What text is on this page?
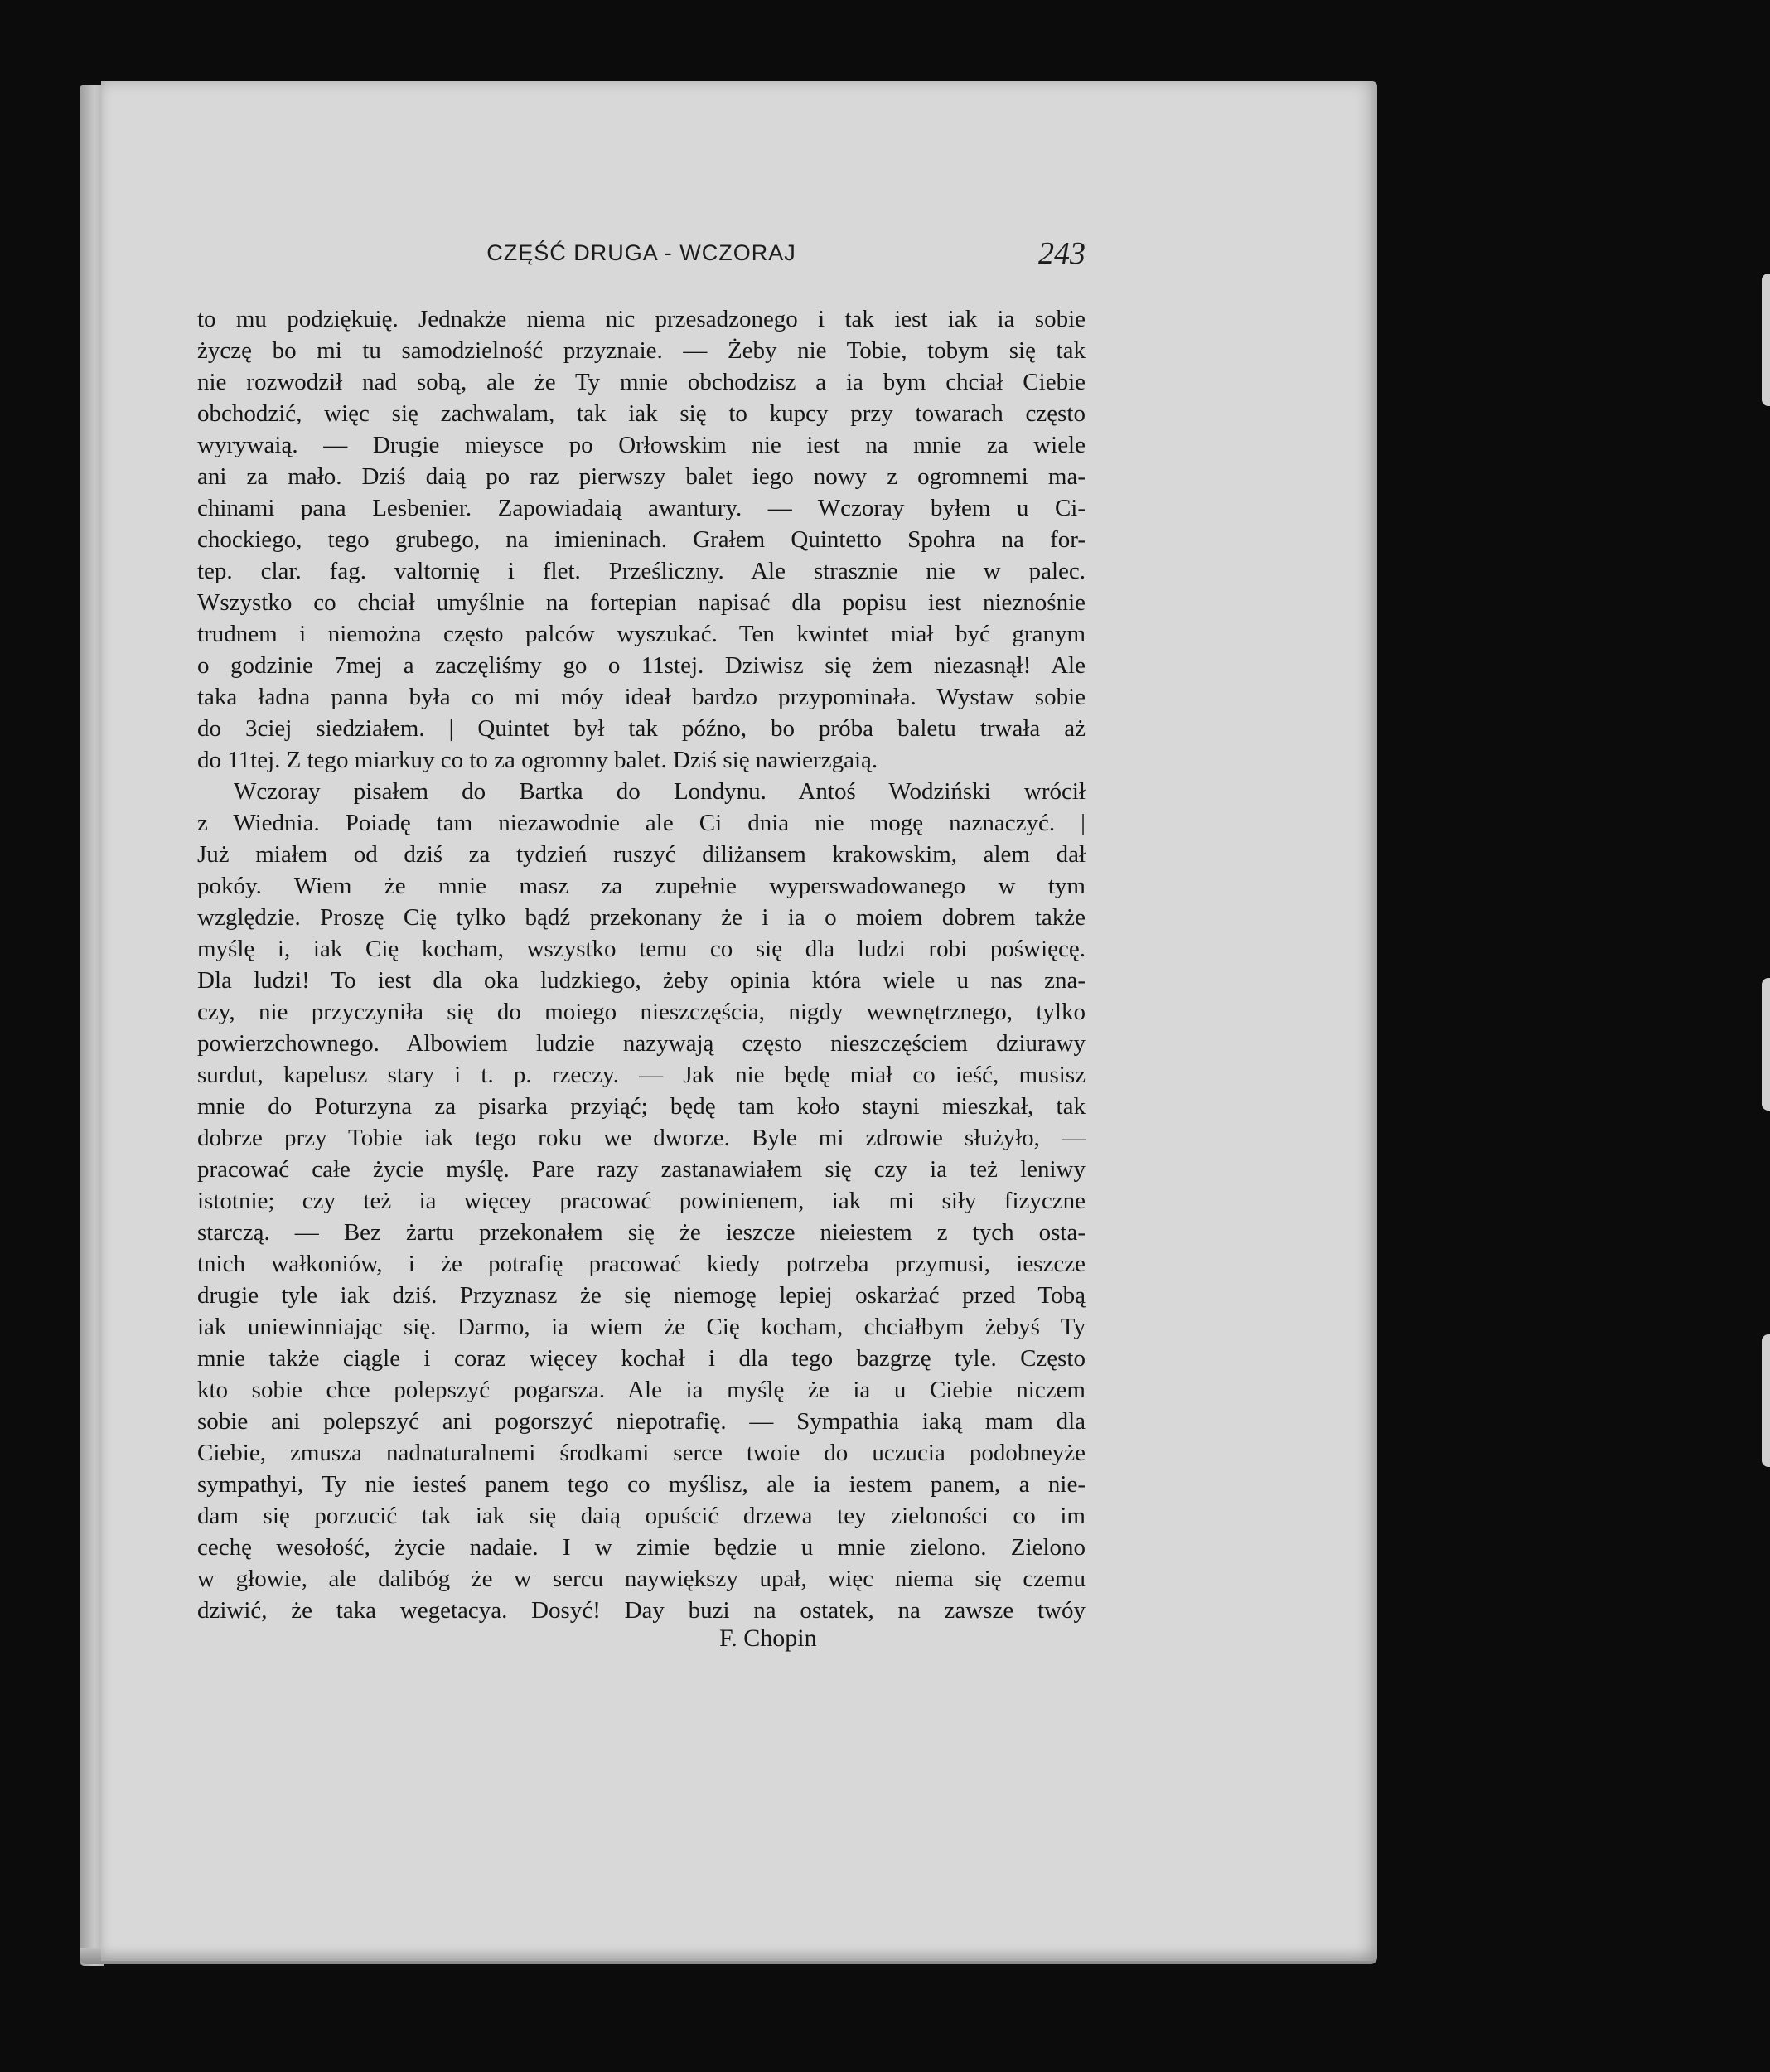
CZĘŚĆ DRUGA - WCZORAJ	243
to mu podziękuię. Jednakże niema nic przesadzonego i tak iest iak ia sobie
życzę bo mi tu samodzielność przyznaie. — Żeby nie Tobie, tobym się tak
nie rozwodził nad sobą, ale że Ty mnie obchodzisz a ia bym chciał Ciebie
obchodzić, więc się zachwalam, tak iak się to kupcy przy towarach często
wyrywaią. — Drugie mieysce po Orłowskim nie iest na mnie za wiele
ani za mało. Dziś daią po raz pierwszy balet iego nowy z ogromnemi ma-
chinami pana Lesbenier. Zapowiadaią awantury. — Wczoray byłem u Ci-
chockiego, tego grubego, na imieninach. Grałem Quintetto Spohra na for-
tep. clar. fag. valtornię i flet. Prześliczny. Ale strasznie nie w palec.
Wszystko co chciał umyślnie na fortepian napisać dla popisu iest nieznośnie
trudnem i niemożna często palców wyszukać. Ten kwintet miał być granym
o godzinie 7mej a zaczęliśmy go o 11stej. Dziwisz się żem niezasnął! Ale
taka ładna panna była co mi móy ideał bardzo przypominała. Wystaw sobie
do 3ciej siedziałem. | Quintet był tak późno, bo próba baletu trwała aż
do 11tej. Z tego miarkuy co to za ogromny balet. Dziś się nawierzgaią.
Wczoray pisałem do Bartka do Londynu. Antoś Wodziński wrócił
z Wiednia. Poiadę tam niezawodnie ale Ci dnia nie mogę naznaczyć. |
Już miałem od dziś za tydzień ruszyć diliżansem krakowskim, alem dał
pokóy. Wiem że mnie masz za zupełnie wyperswadowanego w tym
względzie. Proszę Cię tylko bądź przekonany że i ia o moiem dobrem także
myślę i, iak Cię kocham, wszystko temu co się dla ludzi robi poświęcę.
Dla ludzi! To iest dla oka ludzkiego, żeby opinia która wiele u nas zna-
czy, nie przyczyniła się do moiego nieszczęścia, nigdy wewnętrznego, tylko
powierzchownego. Albowiem ludzie nazywają często nieszczęściem dziurawy
surdut, kapelusz stary i t. p. rzeczy. — Jak nie będę miał co ieść, musisz
mnie do Poturzyna za pisarka przyiąć; będę tam koło stayni mieszkał, tak
dobrze przy Tobie iak tego roku we dworze. Byle mi zdrowie służyło, —
pracować całe życie myślę. Pare razy zastanawiałem się czy ia też leniwy
istotnie; czy też ia więcey pracować powinienem, iak mi siły fizyczne
starczą. — Bez żartu przekonałem się że ieszcze nieiestem z tych osta-
tnich wałkoniów, i że potrafię pracować kiedy potrzeba przymusi, ieszcze
drugie tyle iak dziś. Przyznasz że się niemogę lepiej oskarżać przed Tobą
iak uniewinniając się. Darmo, ia wiem że Cię kocham, chciałbym żebyś Ty
mnie także ciągle i coraz więcey kochał i dla tego bazgrzę tyle. Często
kto sobie chce polepszyć pogarsza. Ale ia myślę że ia u Ciebie niczem
sobie ani polepszyć ani pogorszyć niepotrafię. — Sympathia iaką mam dla
Ciebie, zmusza nadnaturalnemi środkami serce twoie do uczucia podobneyże
sympathyi, Ty nie iesteś panem tego co myślisz, ale ia iestem panem, a nie-
dam się porzucić tak iak się daią opuścić drzewa tey zieloności co im
cechę wesołość, życie nadaie. I w zimie będzie u mnie zielono. Zielono
w głowie, ale dalibóg że w sercu naywiększy upał, więc niema się czemu
dziwić, że taka wegetacya. Dosyć! Day buzi na ostatek, na zawsze twóy
F. Chopin
